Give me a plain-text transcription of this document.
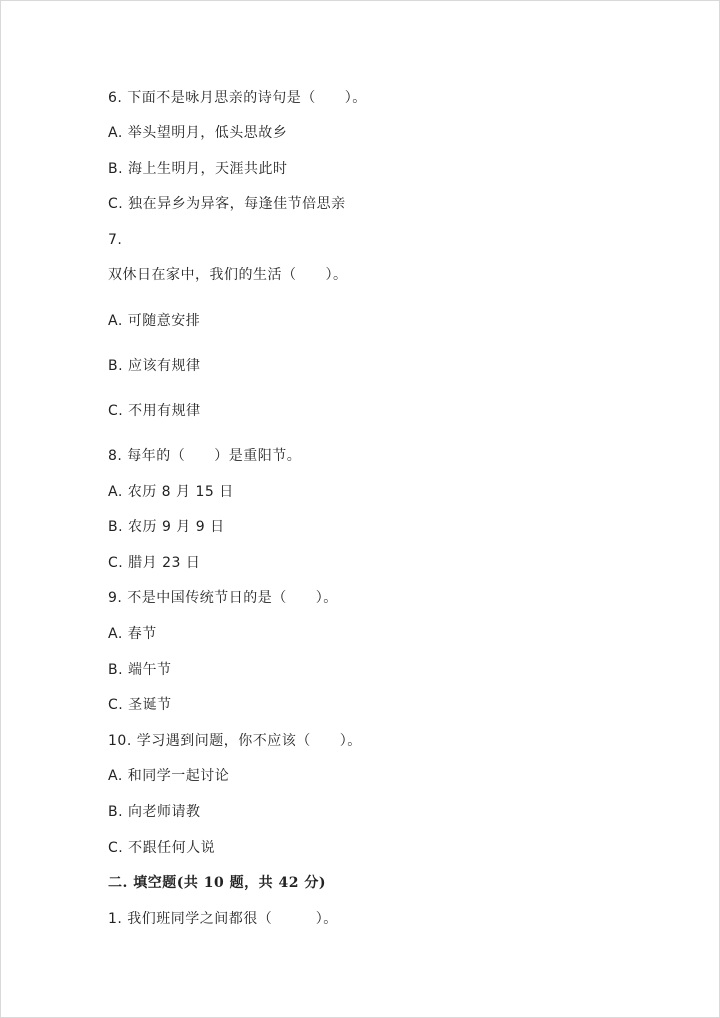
6. 下面不是咏月思亲的诗句是（　　）。
A. 举头望明月，低头思故乡
B. 海上生明月，天涯共此时
C. 独在异乡为异客，每逢佳节倍思亲
7.
双休日在家中，我们的生活（　　）。
A. 可随意安排
B. 应该有规律
C. 不用有规律
8. 每年的（　　）是重阳节。
A. 农历 8 月 15 日
B. 农历 9 月 9 日
C. 腊月 23 日
9. 不是中国传统节日的是（　　）。
A. 春节
B. 端午节
C. 圣诞节
10. 学习遇到问题，你不应该（　　）。
A. 和同学一起讨论
B. 向老师请教
C. 不跟任何人说
二. 填空题(共 10 题，共 42 分)
1. 我们班同学之间都很（　　　）。
